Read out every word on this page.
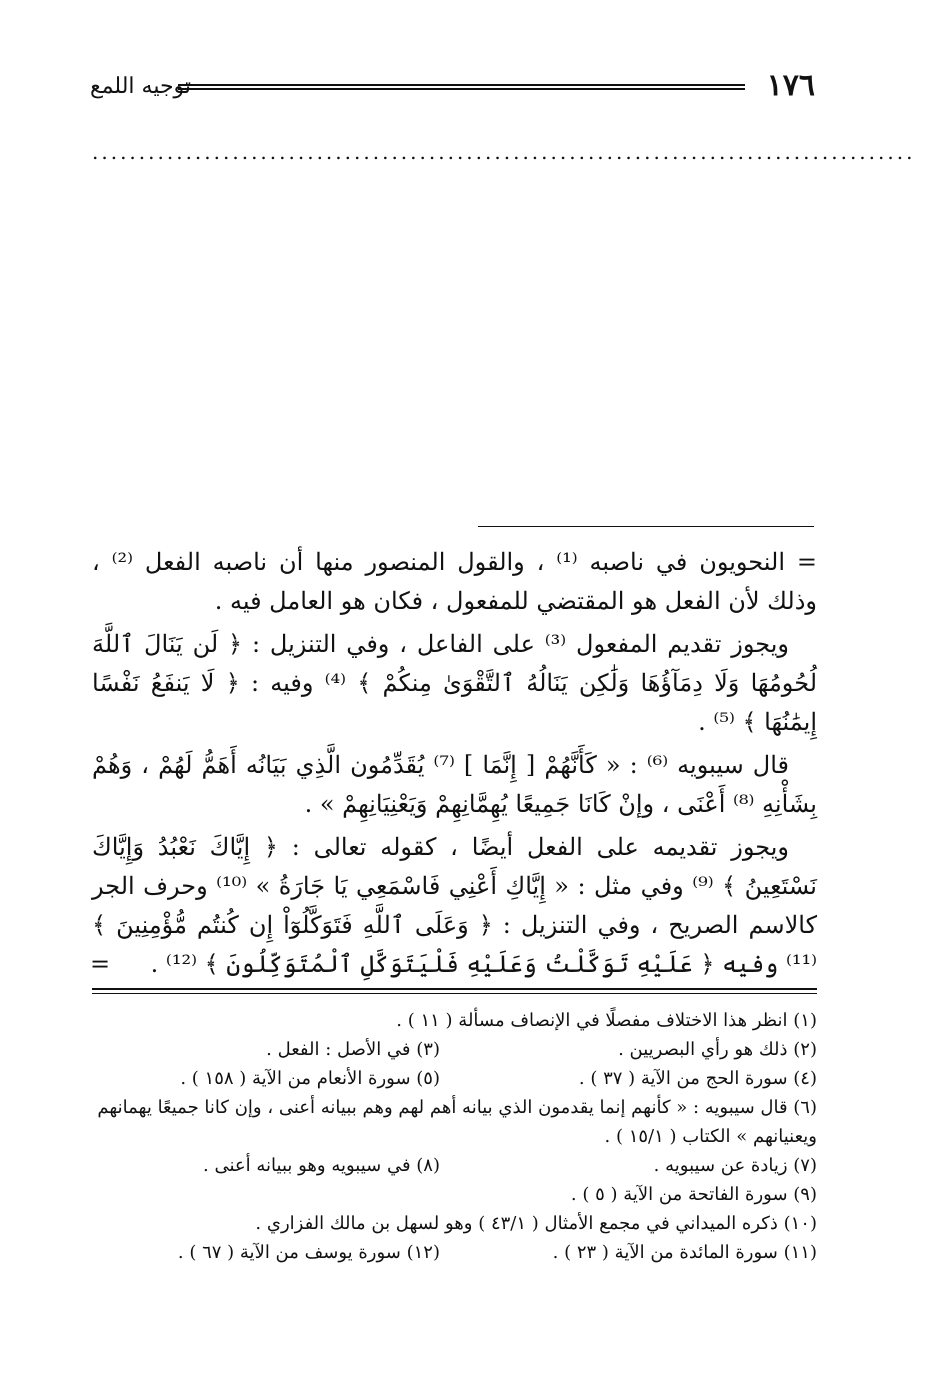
١٧٦
توجيه اللمع
........................................................................................

= النحويون في ناصبه ⁽¹⁾ ، والقول المنصور منها أن ناصبه الفعل ⁽²⁾ ، وذلك لأن الفعل هو المقتضي للمفعول ، فكان هو العامل فيه .

ويجوز تقديم المفعول ⁽³⁾ على الفاعل ، وفي التنزيل : ﴿ لَن يَنَالَ ٱللَّهَ لُحُومُهَا وَلَا دِمَآؤُهَا وَلَٰكِن يَنَالُهُ ٱلتَّقْوَىٰ مِنكُمْ ﴾ ⁽⁴⁾ وفيه : ﴿ لَا يَنفَعُ نَفْسًا إِيمَٰنُهَا ﴾ ⁽⁵⁾ .

قال سيبويه ⁽⁶⁾ : « كَأَنَّهُمْ [ إِنَّمَا ] ⁽⁷⁾ يُقَدِّمُون الَّذِي بَيَانُه أَهَمُّ لَهُمْ ، وَهُمْ بِشَأْنِهِ ⁽⁸⁾ أَعْنَى ، وإنْ كَانَا جَمِيعًا يُهِمَّانِهِمْ وَيَعْنِيَانِهِمْ » .

ويجوز تقديمه على الفعل أيضًا ، كقوله تعالى : ﴿ إِيَّاكَ نَعْبُدُ وَإِيَّاكَ نَسْتَعِينُ ﴾ ⁽⁹⁾ وفي مثل : « إِيَّاكِ أَعْنِي فَاسْمَعِي يَا جَارَةُ » ⁽¹⁰⁾ وحرف الجر كالاسم الصريح ، وفي التنزيل : ﴿ وَعَلَى ٱللَّهِ فَتَوَكَّلُوٓاْ إِن كُنتُم مُّؤْمِنِينَ ﴾ ⁽¹¹⁾ وفيه ﴿ عَلَيْهِ تَوَكَّلْتُ وَعَلَيْهِ فَلْيَتَوَكَّلِ ٱلْمُتَوَكِّلُونَ ﴾ ⁽¹²⁾ .

=

(١) انظر هذا الاختلاف مفصلًا في الإنصاف مسألة ( ١١ ) .

(٢) ذلك هو رأي البصريين .

(٣) في الأصل : الفعل .

(٤) سورة الحج من الآية ( ٣٧ ) .

(٥) سورة الأنعام من الآية ( ١٥٨ ) .

(٦) قال سيبويه : « كأنهم إنما يقدمون الذي بيانه أهم لهم وهم ببيانه أعنى ، وإن كانا جميعًا يهمانهم ويعنيانهم » الكتاب ( ١٥/١ ) .

(٧) زيادة عن سيبويه .

(٨) في سيبويه وهو ببيانه أعنى .

(٩) سورة الفاتحة من الآية ( ٥ ) .

(١٠) ذكره الميداني في مجمع الأمثال ( ٤٣/١ ) وهو لسهل بن مالك الفزاري .

(١١) سورة المائدة من الآية ( ٢٣ ) .

(١٢) سورة يوسف من الآية ( ٦٧ ) .
